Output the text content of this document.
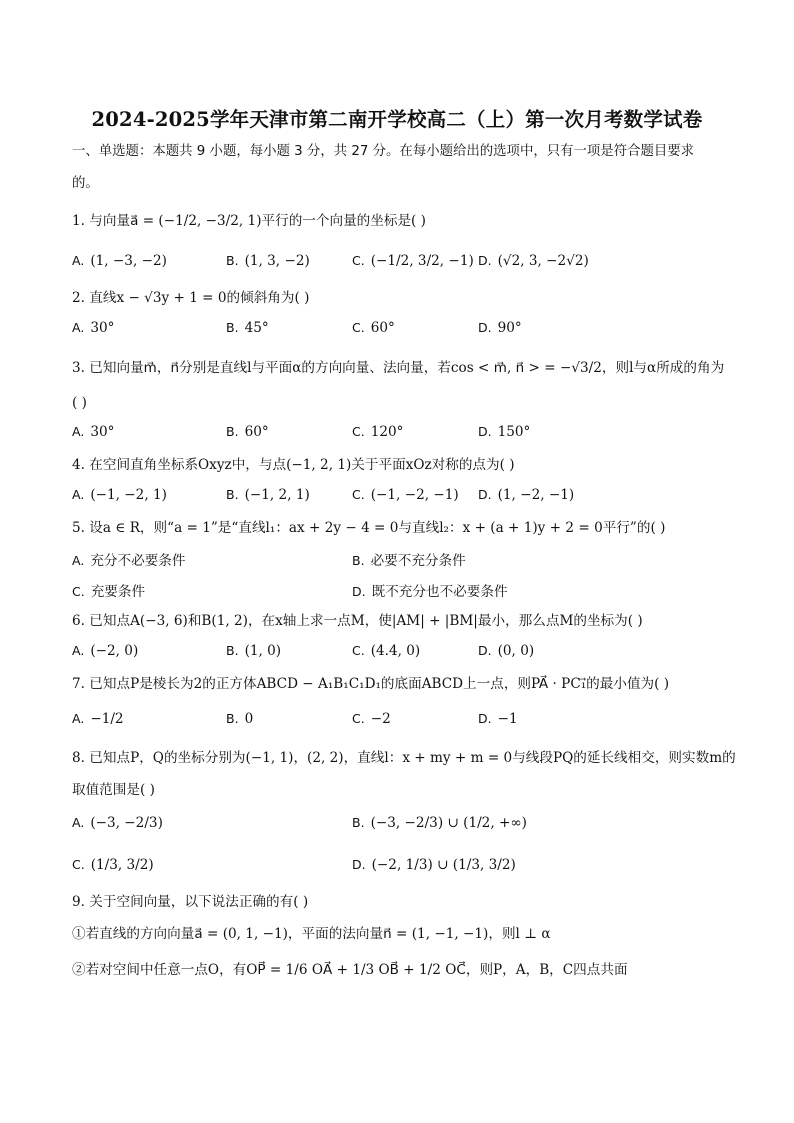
2024-2025学年天津市第二南开学校高二（上）第一次月考数学试卷
一、单选题：本题共 9 小题，每小题 3 分，共 27 分。在每小题给出的选项中，只有一项是符合题目要求
的。
1. 与向量a⃗ = (−1/2, −3/2, 1)平行的一个向量的坐标是( )
A. (1, −3, −2)	B. (1, 3, −2)	C. (−1/2, 3/2, −1) D. (√2, 3, −2√2)
2. 直线x − √3y + 1 = 0的倾斜角为( )
A. 30°	B. 45°	C. 60°	D. 90°
3. 已知向量m⃗，n⃗分别是直线l与平面α的方向向量、法向量，若cos < m⃗, n⃗ > = −√3/2，则l与α所成的角为
( )
A. 30°	B. 60°	C. 120°	D. 150°
4. 在空间直角坐标系Oxyz中，与点(−1, 2, 1)关于平面xOz对称的点为( )
A. (−1, −2, 1)	B. (−1, 2, 1)	C. (−1, −2, −1) D. (1, −2, −1)
5. 设a ∈ R，则“a = 1”是“直线l₁：ax + 2y − 4 = 0与直线l₂：x + (a + 1)y + 2 = 0平行”的( )
A. 充分不必要条件	B. 必要不充分条件
C. 充要条件	D. 既不充分也不必要条件
6. 已知点A(−3, 6)和B(1, 2)，在x轴上求一点M，使|AM| + |BM|最小，那么点M的坐标为( )
A. (−2, 0)	B. (1, 0)	C. (4.4, 0)	D. (0, 0)
7. 已知点P是棱长为2的正方体ABCD − A₁B₁C₁D₁的底面ABCD上一点，则PA⃗ · PC₁⃗的最小值为( )
A. −1/2	B. 0	C. −2	D. −1
8. 已知点P，Q的坐标分别为(−1, 1)，(2, 2)，直线l：x + my + m = 0与线段PQ的延长线相交，则实数m的
取值范围是( )
A. (−3, −2/3)	B. (−3, −2/3) ∪ (1/2, +∞)
C. (1/3, 3/2)	D. (−2, 1/3) ∪ (1/3, 3/2)
9. 关于空间向量，以下说法正确的有( )
①若直线的方向向量a⃗ = (0, 1, −1)，平面的法向量n⃗ = (1, −1, −1)，则l ⊥ α
②若对空间中任意一点O，有OP⃗ = 1/6 OA⃗ + 1/3 OB⃗ + 1/2 OC⃗，则P，A，B，C四点共面
